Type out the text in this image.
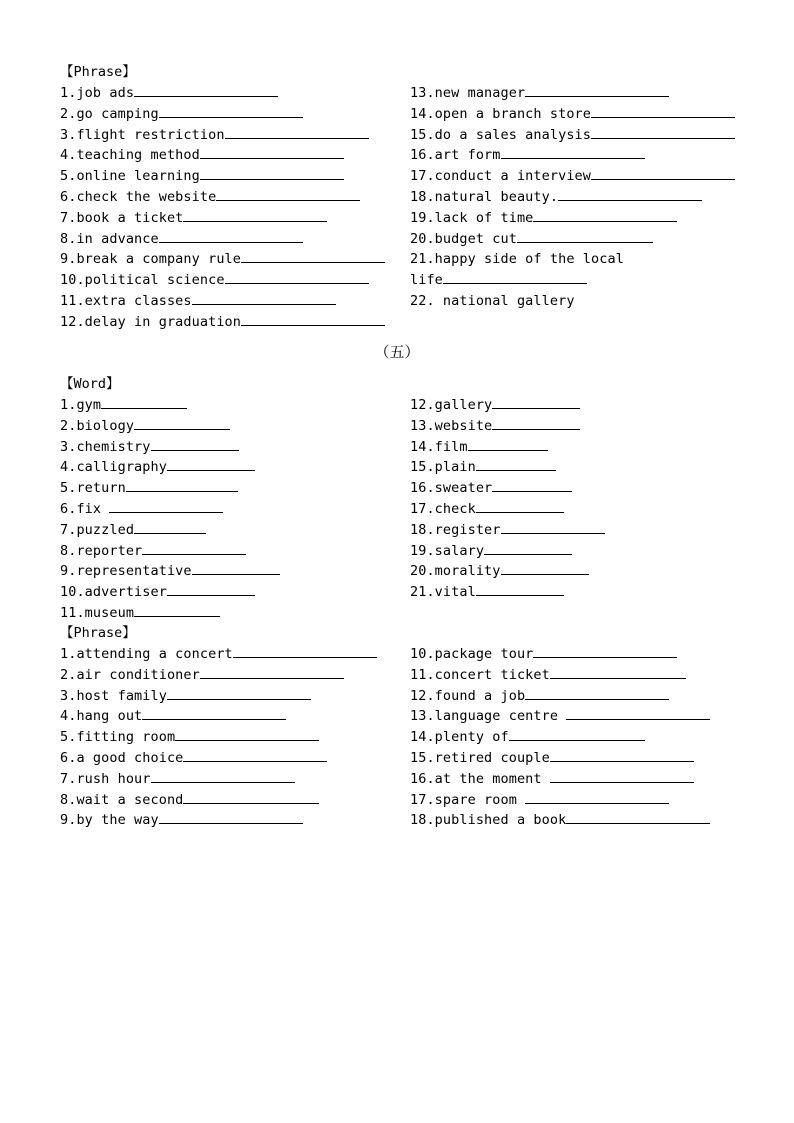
【Phrase】
1.job ads
2.go camping
3.flight restriction
4.teaching method
5.online learning
6.check the website
7.book a ticket
8.in advance
9.break a company rule
10.political science
11.extra classes
12.delay in graduation
13.new manager
14.open a branch store
15.do a sales analysis
16.art form
17.conduct a interview
18.natural beauty.
19.lack of time
20.budget cut
21.happy side of the local
life
22. national gallery
（五）
【Word】
1.gym
2.biology
3.chemistry
4.calligraphy
5.return
6.fix
7.puzzled
8.reporter
9.representative
10.advertiser
11.museum
12.gallery
13.website
14.film
15.plain
16.sweater
17.check
18.register
19.salary
20.morality
21.vital
【Phrase】
1.attending a concert
2.air conditioner
3.host family
4.hang out
5.fitting room
6.a good choice
7.rush hour
8.wait a second
9.by the way
10.package tour
11.concert ticket
12.found a job
13.language centre
14.plenty of
15.retired couple
16.at the moment
17.spare room
18.published a book
